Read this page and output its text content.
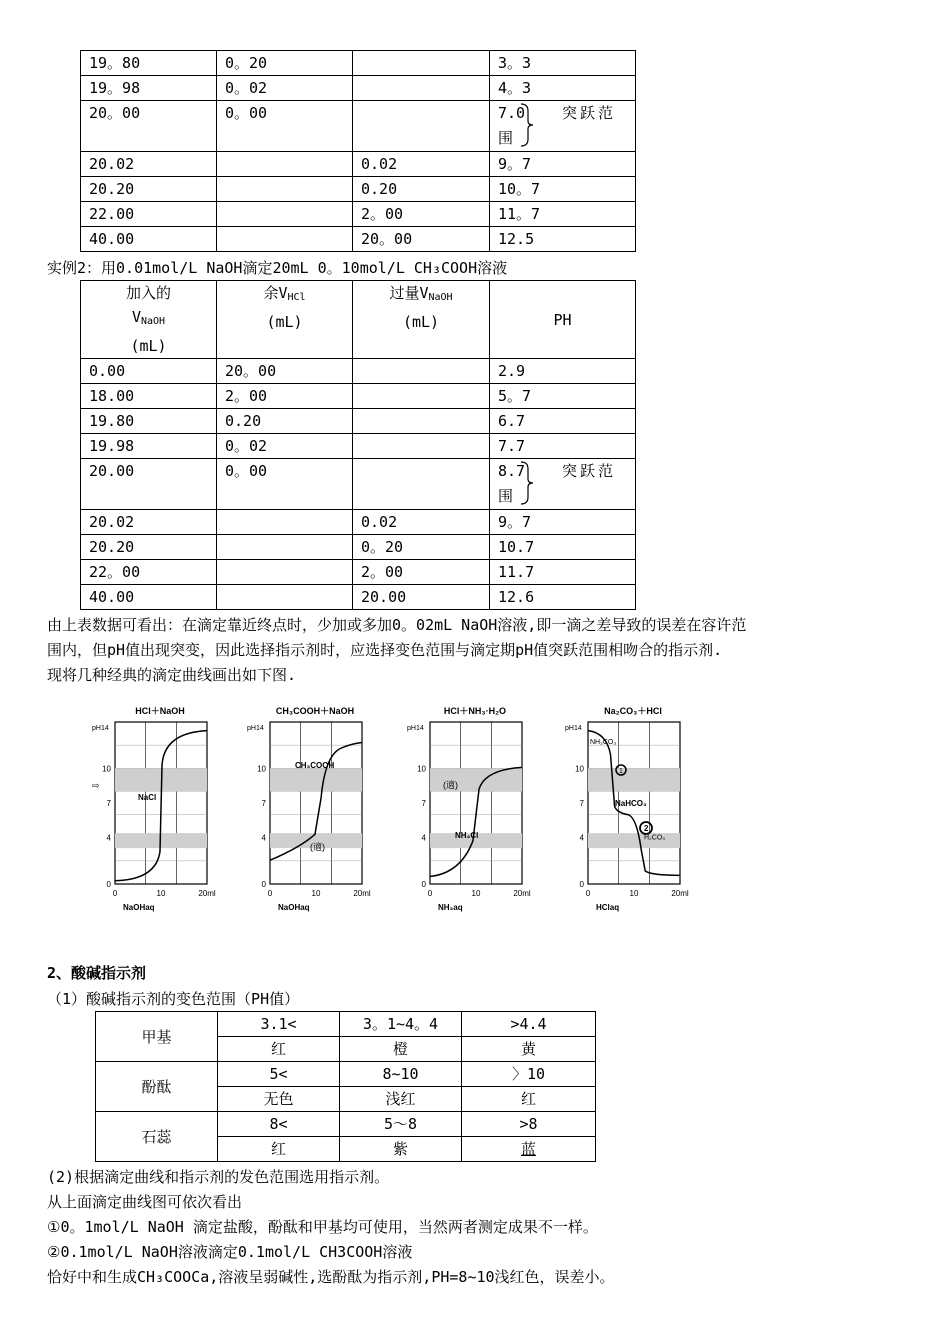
19。80	0。20		3。3
19。98	0。02		4。3
20。00	0。00		7.0 突跃范

围
20.02		0.02	9。7
20.20		0.20	10。7
22.00		2。00	11。7
40.00		20。00	12.5
实例2：用0.01mol/L NaOH滴定20mL 0。10mol/L CH₃COOH溶液
加入的
$V_{NaOH}$
(mL)	余$V_{HCl}$
(mL)	过量$V_{NaOH}$
(mL)	PH
0.00	20。00		2.9
18.00	2。00		5。7
19.80	0.20		6.7
19.98	0。02		7.7
20.00	0。00		8.7 突跃范

围
20.02		0.02	9。7
20.20		0。20	10.7
22。00		2。00	11.7
40.00		20.00	12.6
由上表数据可看出：在滴定靠近终点时，少加或多加0。02mL NaOH溶液,即一滴之差导致的误差在容许范
围内，但pH值出现突变，因此选择指示剂时，应选择变色范围与滴定期pH值突跃范围相吻合的指示剂.
现将几种经典的滴定曲线画出如下图.
HCl＋NaOH
pH14
10
7
4
0
0	10	20ml
NaOHaq
NaCl
⇨
CH₃COOH＋NaOH
pH14
10
7
4
0
0	10	20ml
NaOHaq
CH₃COOH
(適)
HCl＋NH₃·H₂O
pH14
10
7
4
0
0	10	20ml
NH₃aq
NH₄Cl
(適)
Na₂CO₃＋HCl
pH14
10
7
4
0
0	10	20ml
HClaq
NaHCO₃
NH₂CO₃
H₂CO₃
1
2
2、酸碱指示剂
（1）酸碱指示剂的变色范围（PH值）
甲基	3.1<	3。1~4。4	>4.4
	红	橙	黄
酚酞	5<	8~10	〉10
	无色	浅红	红
石蕊	8<	5～8	>8
	红	紫	蓝
(2)根据滴定曲线和指示剂的发色范围选用指示剂。
从上面滴定曲线图可依次看出
①0。1mol/L NaOH 滴定盐酸，酚酞和甲基均可使用，当然两者测定成果不一样。
②0.1mol/L NaOH溶液滴定0.1mol/L CH3COOH溶液
恰好中和生成CH₃COOCa,溶液呈弱碱性,选酚酞为指示剂,PH=8~10浅红色，误差小。
